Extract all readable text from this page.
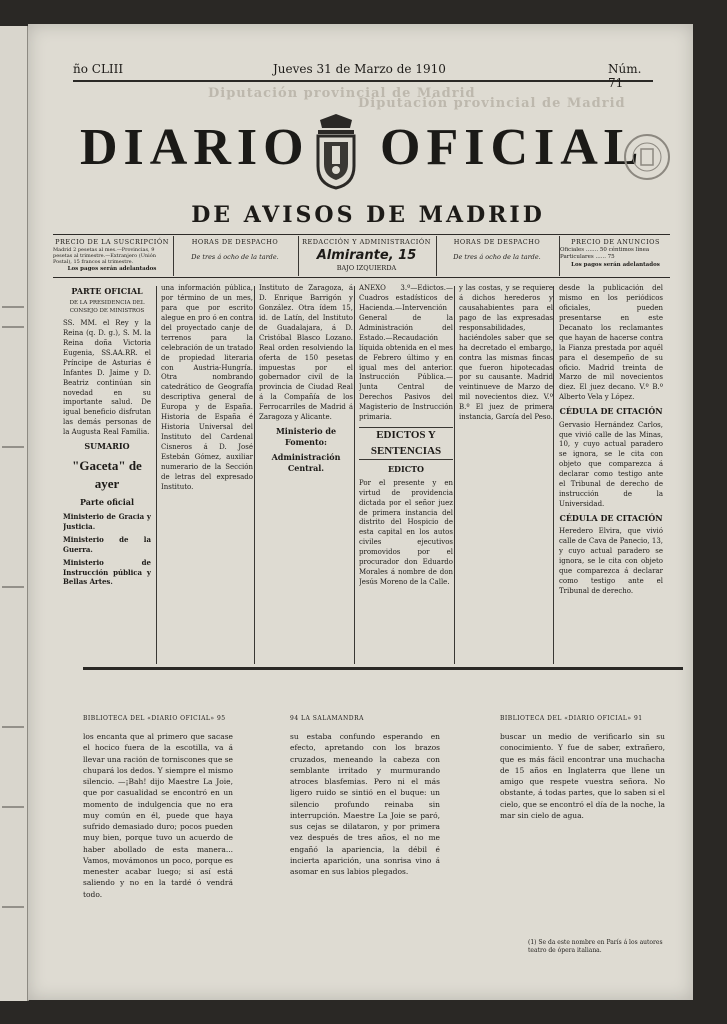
Diputación provincial de Madrid
Diputación provincial de Madrid
ño CLIII	Jueves 31 de Marzo de 1910	Núm. 71
DIARIO OFICIAL
DE AVISOS DE MADRID
PRECIO DE LA SUSCRIPCIÓN
Madrid 2 pesetas al mes.—Provincias, 9 pesetas al trimestre.—Extranjero (Unión Postal), 15 francos al trimestre.
Los pagos serán adelantados
HORAS DE DESPACHO
De tres á ocho de la tarde.
REDACCIÓN Y ADMINISTRACIÓN
Almirante, 15
BAJO IZQUIERDA
HORAS DE DESPACHO
De tres á ocho de la tarde.
PRECIO DE ANUNCIOS
Oficiales ....... 50 céntimos línea
Particulares ...... 75
Los pagos serán adelantados
PARTE OFICIAL
DE LA PRESIDENCIA DEL CONSEJO DE MINISTROS

SS. MM. el Rey y la Reina (q. D. g.), S. M. la Reina doña Victoria Eugenia, SS.AA.RR. el Príncipe de Asturias é Infantes D. Jaime y D. Beatriz continúan sin novedad en su importante salud. De igual beneficio disfrutan las demás personas de la Augusta Real Familia.

SUMARIO
"Gaceta" de ayer
Parte oficial

Ministerio de Gracia y Justicia.

Ministerio de la Guerra.

Ministerio de Instrucción pública y Bellas Artes.

una información pública, por término de un mes, para que por escrito alegue en pro ó en contra del proyectado canje de terrenos para la celebración de un tratado de propiedad literaria con Austria-Hungría. Otra nombrando catedrático de Geografía descriptiva general de Europa y de España. Historia de España é Historia Universal del Instituto del Cardenal Cisneros á D. José Estebán Gómez, auxiliar numerario de la Sección de letras del expresado Instituto.

Instituto de Zaragoza, á D. Enrique Barrigón y González. Otra ídem 15, id. de Latín, del Instituto de Guadalajara, á D. Cristóbal Blasco Lozano. Real orden resolviendo la oferta de 150 pesetas impuestas por el gobernador civil de la provincia de Ciudad Real á la Compañía de los Ferrocarriles de Madrid á Zaragoza y Alicante.

Ministerio de Fomento:
Administración Central.

ANEXO 3.º—Edictos.—Cuadros estadísticos de Hacienda.—Intervención General de la Administración del Estado.—Recaudación líquida obtenida en el mes de Febrero último y en igual mes del anterior. Instrucción Pública.—Junta Central de Derechos Pasivos del Magisterio de Instrucción primaria.

EDICTOS Y SENTENCIAS
EDICTO

Por el presente y en virtud de providencia dictada por el señor juez de primera instancia del distrito del Hospicio de esta capital en los autos civiles ejecutivos promovidos por el procurador don Eduardo Morales á nombre de don Jesús Moreno de la Calle.

y las costas, y se requiere á dichos herederos y causahabientes para el pago de las expresadas responsabilidades, haciéndoles saber que se ha decretado el embargo, contra las mismas fincas que fueron hipotecadas por su causante. Madrid veintinueve de Marzo de mil novecientos diez. V.º B.º El juez de primera instancia, García del Peso.

desde la publicación del mismo en los periódicos oficiales, pueden presentarse en este Decanato los reclamantes que hayan de hacerse contra la Fianza prestada por aquél para el desempeño de su oficio. Madrid treinta de Marzo de mil novecientos diez. El juez decano. V.º B.º Alberto Vela y López.

CÉDULA DE CITACIÓN

Gervasio Hernández Carlos, que vivió calle de las Minas, 10, y cuyo actual paradero se ignora, se le cita con objeto que comparezca á declarar como testigo ante el Tribunal de derecho de instrucción de la Universidad.

CÉDULA DE CITACIÓN

Heredero Elvira, que vivió calle de Cava de Panecio, 13, y cuyo actual paradero se ignora, se le cita con objeto que comparezca á declarar como testigo ante el Tribunal de derecho.

BIBLIOTECA DEL «DIARIO OFICIAL» 95

los encanta que al primero que sacase el hocico fuera de la escotilla, va á llevar una ración de torniscones que se chupará los dedos. Y siempre el mismo silencio. —¡Bah! dijo Maestre La Joie, que por casualidad se encontró en un momento de indulgencia que no era muy común en él, puede que haya sufrido demasiado duro; pocos pueden muy bien, porque tuvo un acuerdo de haber abollado de esta manera... Vamos, movámonos un poco, porque es menester acabar luego; si así está saliendo y no en la tardé ó vendrá todo.

94 LA SALAMANDRA

su estaba confundo esperando en efecto, apretando con los brazos cruzados, meneando la cabeza con semblante irritado y murmurando atroces blasfemias. Pero ni el más ligero ruido se sintió en el buque: un silencio profundo reinaba sin interrupción. Maestre La Joie se paró, sus cejas se dilataron, y por primera vez después de tres años, el no me engañó la apariencia, la débil é incierta aparición, una sonrisa vino á asomar en sus labios plegados.

BIBLIOTECA DEL «DIARIO OFICIAL» 91

buscar un medio de verificarlo sin su conocimiento. Y fue de saber, extrañero, que es más fácil encontrar una muchacha de 15 años en Inglaterra que llene un amigo que respete vuestra señora. No obstante, á todas partes, que lo saben si el cielo, que se encontró el día de la noche, la mar sin cielo de agua.

(1) Se da este nombre en París á los autores teatro de ópera italiana.
